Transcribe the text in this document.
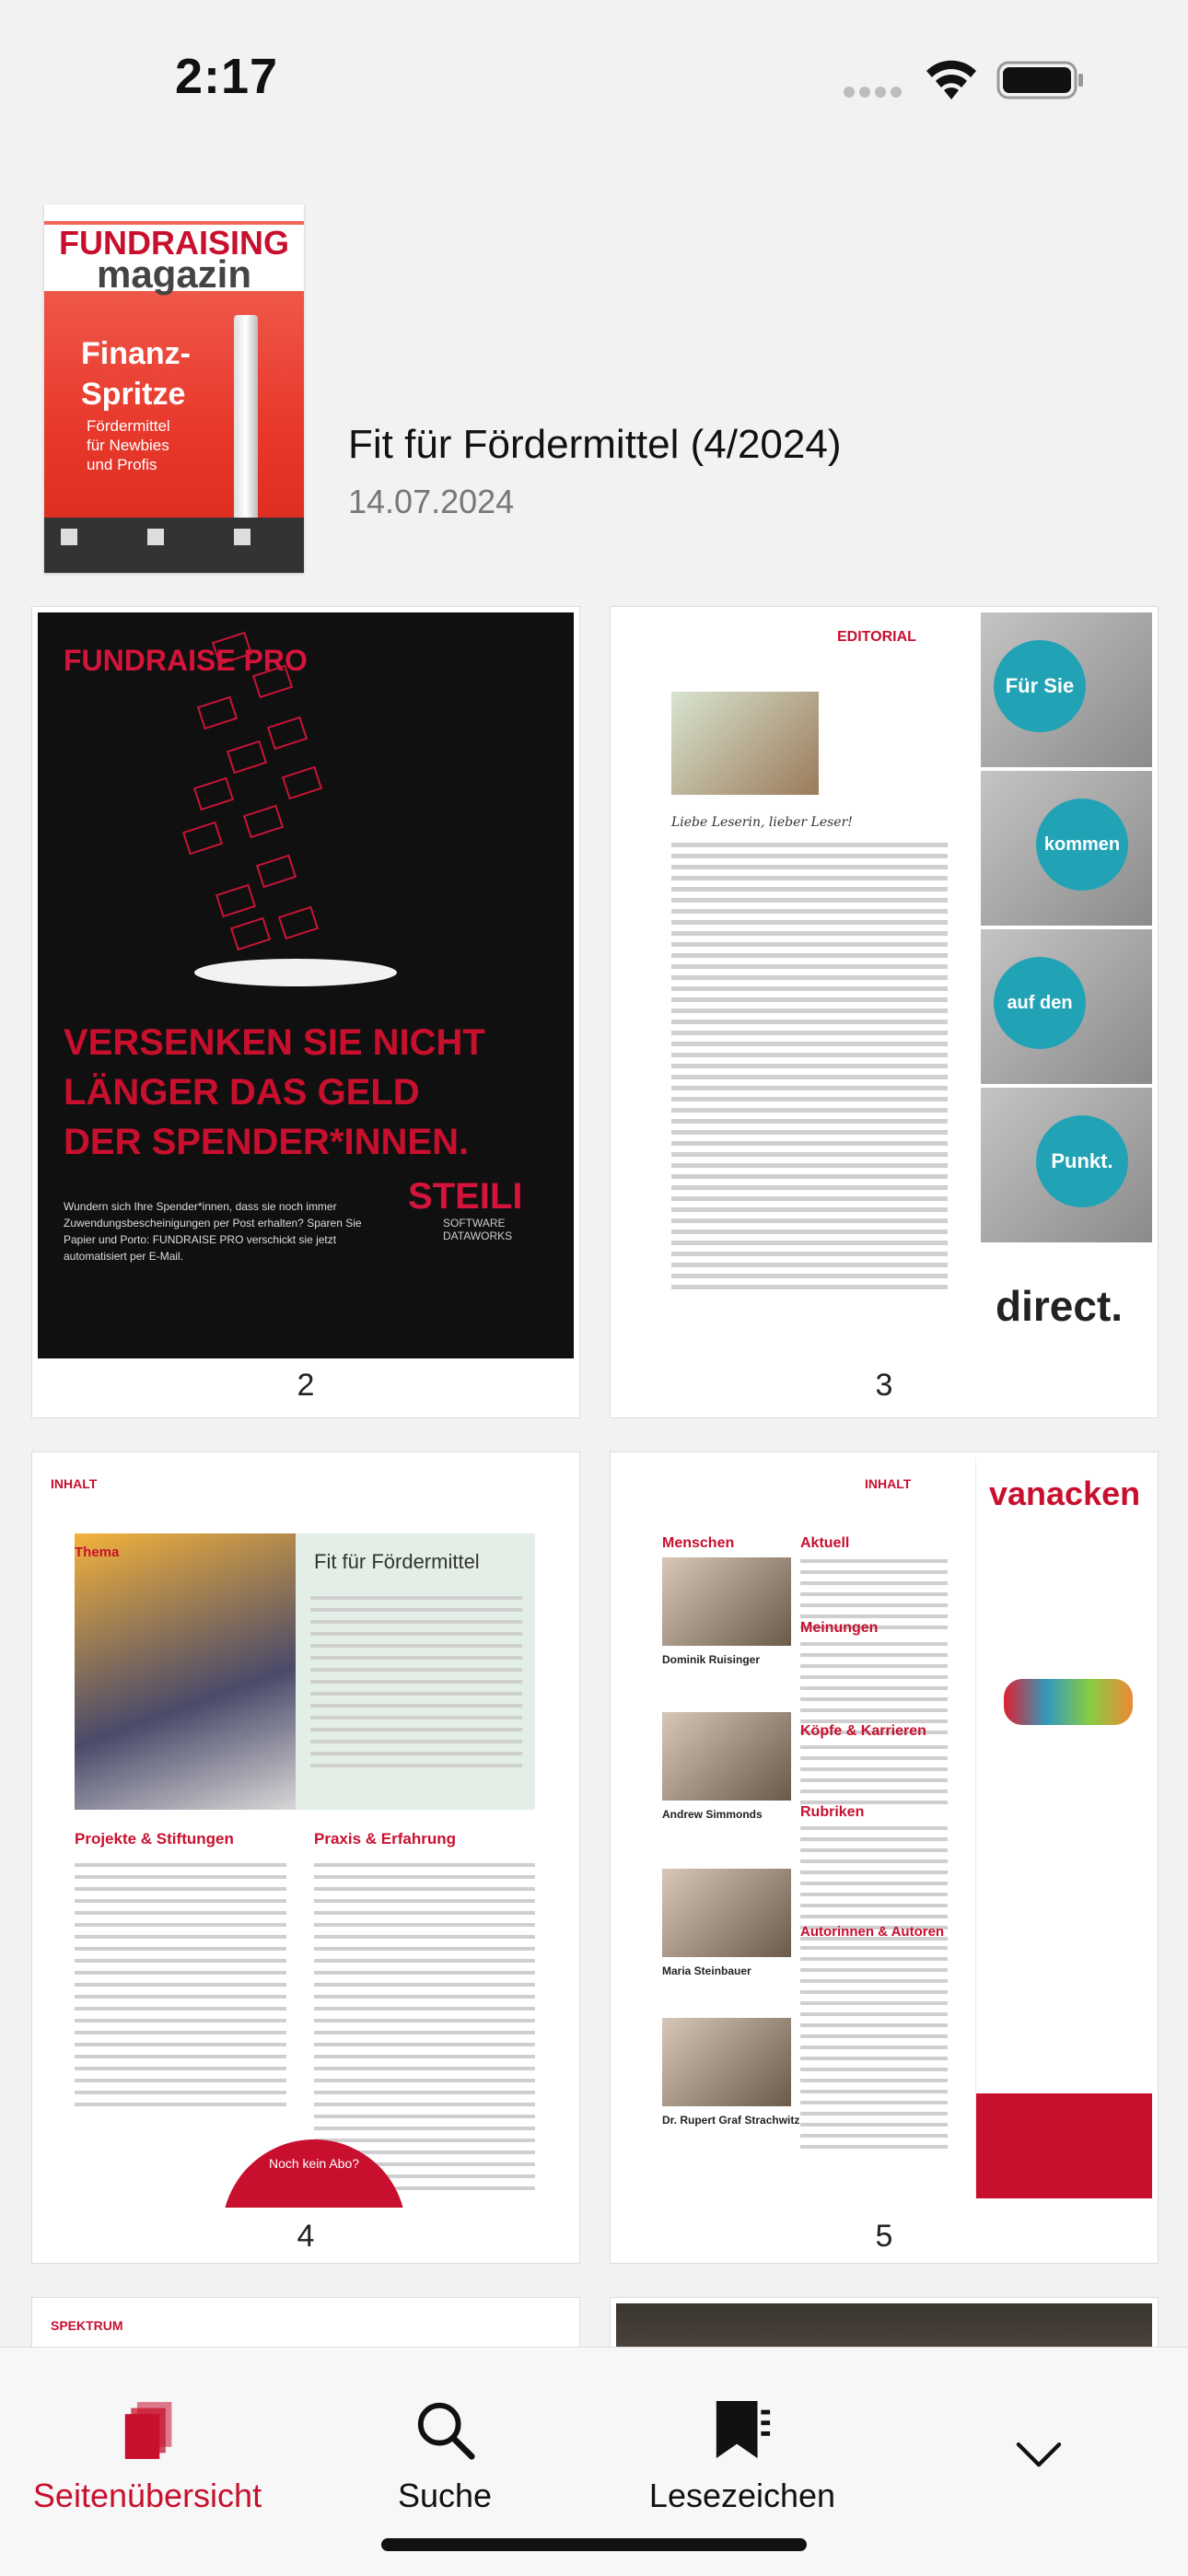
2:17
FUNDRAISING
magazin
Finanz-
Spritze
Fördermittel
für Newbies
und Profis	Fit für Fördermittel (4/2024)
14.07.2024
FUNDRAISE PRO
VERSENKEN SIE NICHT
LÄNGER DAS GELD
DER SPENDER*INNEN.
Wundern sich Ihre Spender*innen, dass sie noch immer Zuwendungsbescheinigungen per Post erhalten? Sparen Sie Papier und Porto: FUNDRAISE PRO verschickt sie jetzt automatisiert per E-Mail.
STEILI
SOFTWARE DATAWORKS
2
EDITORIAL
Liebe Leserin, lieber Leser!
Für Sie
kommen
auf den
Punkt.
direct.
3
INHALT
Thema	Fit für Fördermittel
Projekte & Stiftungen	Praxis & Erfahrung
Noch kein Abo?
4
INHALT
Menschen	Aktuell
Dominik Ruisinger
Andrew Simmonds
Maria Steinbauer
Dr. Rupert Graf Strachwitz
Meinungen
Köpfe & Karrieren
Rubriken
Autorinnen & Autoren
vanacken
5
SPEKTRUM
Seitenübersicht	Suche	Lesezeichen
